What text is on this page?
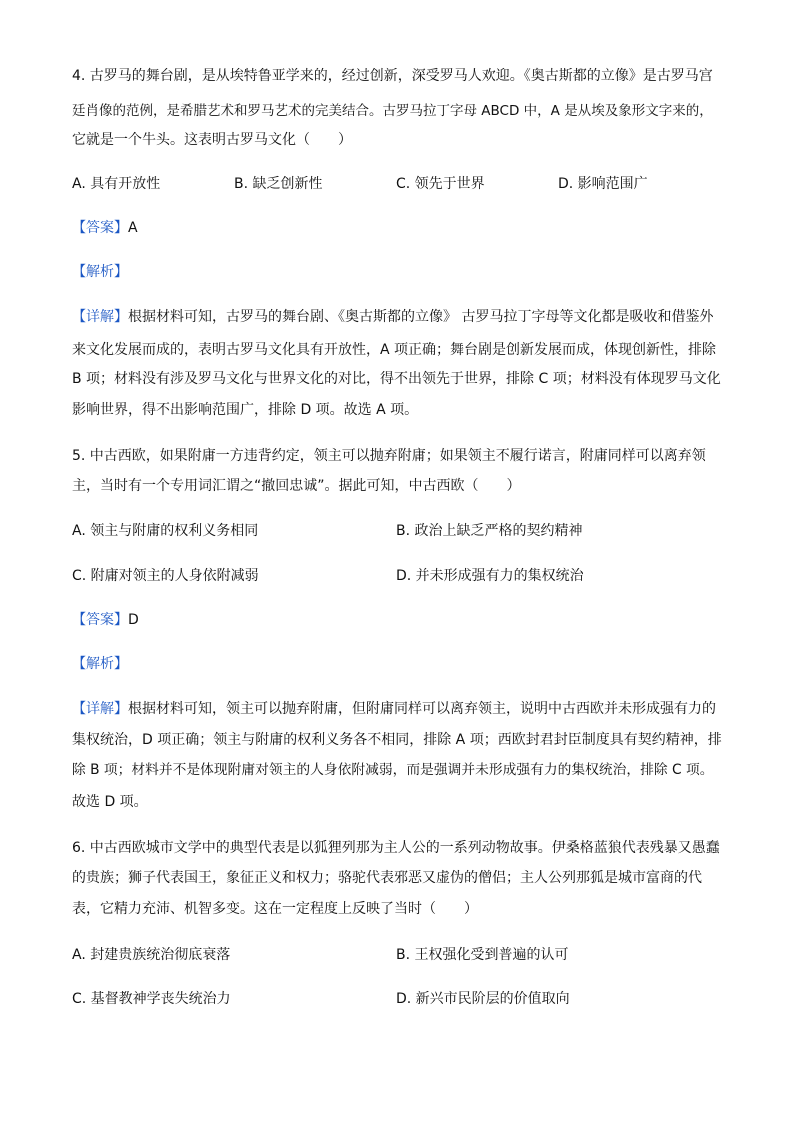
4. 古罗马的舞台剧，是从埃特鲁亚学来的，经过创新，深受罗马人欢迎。《奥古斯都的立像》是古罗马宫
廷肖像的范例，是希腊艺术和罗马艺术的完美结合。古罗马拉丁字母 ABCD 中，A 是从埃及象形文字来的，
它就是一个牛头。这表明古罗马文化（　　）
A. 具有开放性	B. 缺乏创新性	C. 领先于世界	D. 影响范围广
【答案】A
【解析】
【详解】根据材料可知，古罗马的舞台剧、《奥古斯都的立像》 古罗马拉丁字母等文化都是吸收和借鉴外
来文化发展而成的，表明古罗马文化具有开放性，A 项正确；舞台剧是创新发展而成，体现创新性，排除
B 项；材料没有涉及罗马文化与世界文化的对比，得不出领先于世界，排除 C 项；材料没有体现罗马文化
影响世界，得不出影响范围广，排除 D 项。故选 A 项。
5. 中古西欧，如果附庸一方违背约定，领主可以抛弃附庸；如果领主不履行诺言，附庸同样可以离弃领
主，当时有一个专用词汇谓之“撤回忠诚”。据此可知，中古西欧（　　）
A. 领主与附庸的权利义务相同	B. 政治上缺乏严格的契约精神
C. 附庸对领主的人身依附减弱	D. 并未形成强有力的集权统治
【答案】D
【解析】
【详解】根据材料可知，领主可以抛弃附庸，但附庸同样可以离弃领主，说明中古西欧并未形成强有力的
集权统治，D 项正确；领主与附庸的权利义务各不相同，排除 A 项；西欧封君封臣制度具有契约精神，排
除 B 项；材料并不是体现附庸对领主的人身依附减弱，而是强调并未形成强有力的集权统治，排除 C 项。
故选 D 项。
6. 中古西欧城市文学中的典型代表是以狐狸列那为主人公的一系列动物故事。伊桑格蓝狼代表残暴又愚蠢
的贵族；狮子代表国王，象征正义和权力；骆驼代表邪恶又虚伪的僧侣；主人公列那狐是城市富商的代
表，它精力充沛、机智多变。这在一定程度上反映了当时（　　）
A. 封建贵族统治彻底衰落	B. 王权强化受到普遍的认可
C. 基督教神学丧失统治力	D. 新兴市民阶层的价值取向
